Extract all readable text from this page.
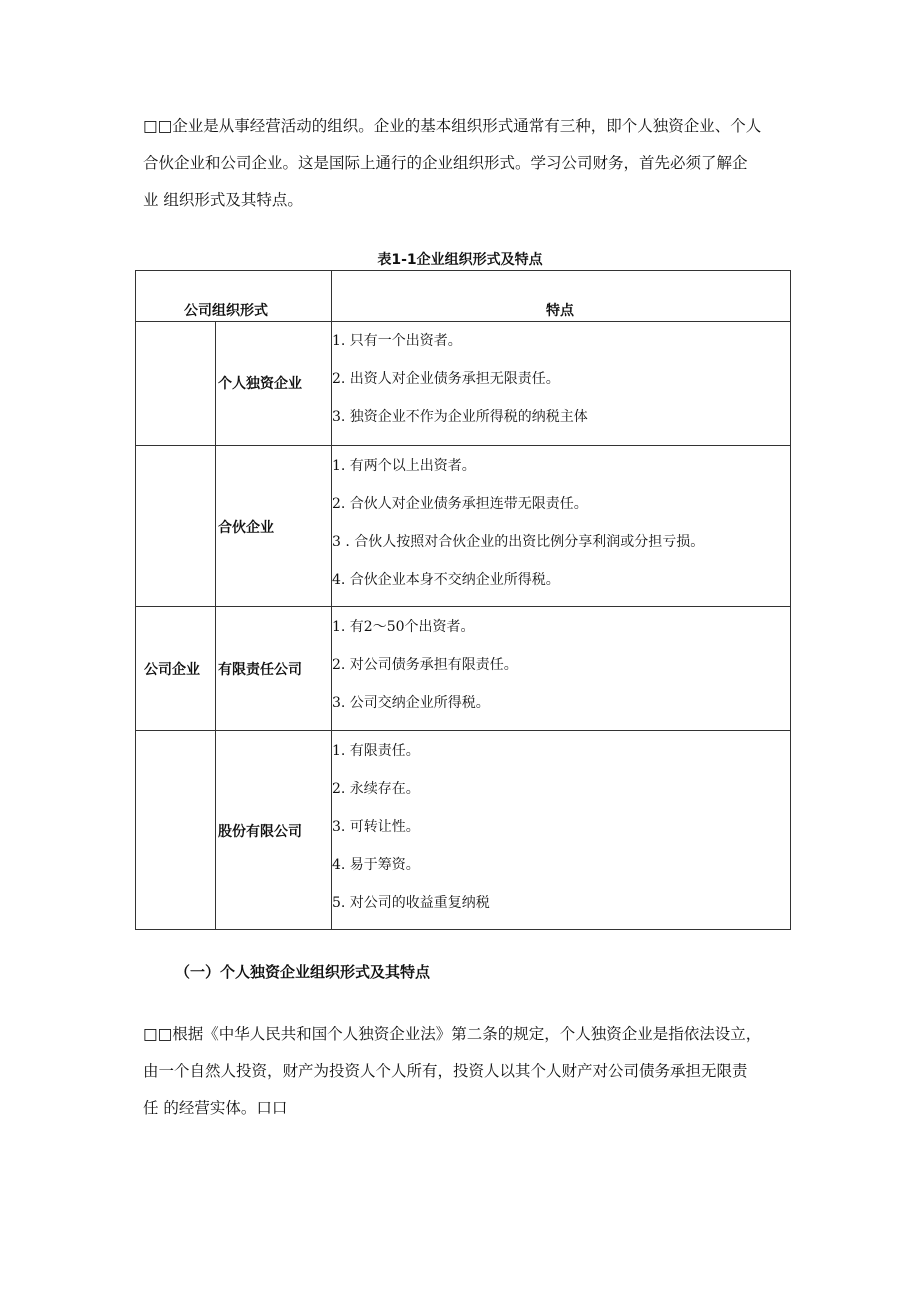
□□企业是从事经营活动的组织。企业的基本组织形式通常有三种，即个人独资企业、个人
合伙企业和公司企业。这是国际上通行的企业组织形式。学习公司财务，首先必须了解企
业 组织形式及其特点。
表1-1企业组织形式及特点
公司组织形式	特点
个人独资企业
1. 只有一个出资者。
2. 出资人对企业债务承担无限责任。
3. 独资企业不作为企业所得税的纳税主体
合伙企业
1. 有两个以上出资者。
2. 合伙人对企业债务承担连带无限责任。
3 . 合伙人按照对合伙企业的出资比例分享利润或分担亏损。
4. 合伙企业本身不交纳企业所得税。
公司企业 有限责任公司
1. 有2〜50个出资者。
2. 对公司债务承担有限责任。
3. 公司交纳企业所得税。
股份有限公司
1. 有限责任。
2. 永续存在。
3. 可转让性。
4. 易于筹资。
5. 对公司的收益重复纳税
（一）个人独资企业组织形式及其特点
□□根据《中华人民共和国个人独资企业法》第二条的规定，个人独资企业是指依法设立，
由一个自然人投资，财产为投资人个人所有，投资人以其个人财产对公司债务承担无限责
任 的经营实体。口口
